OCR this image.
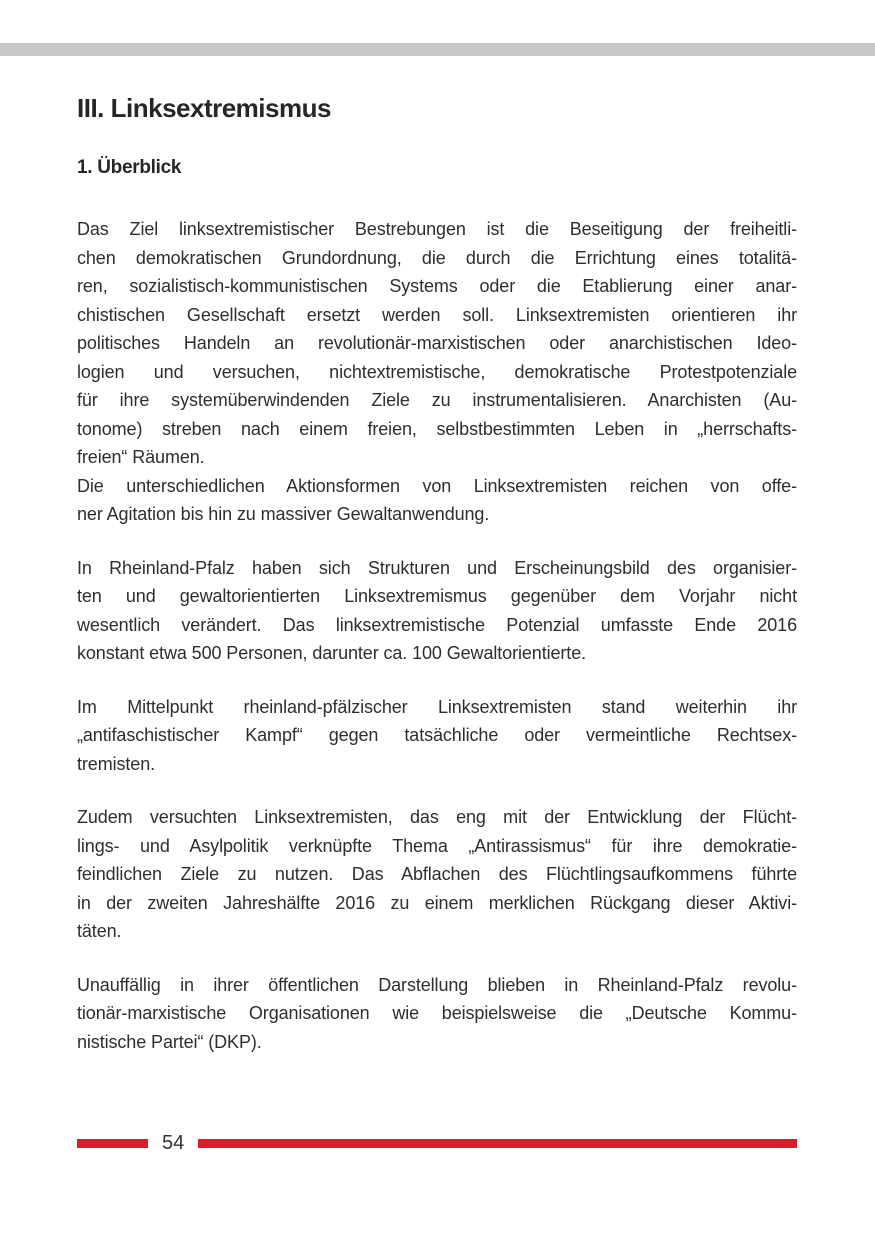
III. Linksextremismus
1. Überblick
Das Ziel linksextremistischer Bestrebungen ist die Beseitigung der freiheitli-
chen demokratischen Grundordnung, die durch die Errichtung eines totalitä-
ren, sozialistisch-kommunistischen Systems oder die Etablierung einer anar-
chistischen Gesellschaft ersetzt werden soll. Linksextremisten orientieren ihr
politisches Handeln an revolutionär-marxistischen oder anarchistischen Ideo-
logien und versuchen, nichtextremistische, demokratische Protestpotenziale
für ihre systemüberwindenden Ziele zu instrumentalisieren. Anarchisten (Au-
tonome) streben nach einem freien, selbstbestimmten Leben in „herrschafts-
freien“ Räumen.
Die unterschiedlichen Aktionsformen von Linksextremisten reichen von offe-
ner Agitation bis hin zu massiver Gewaltanwendung.
In Rheinland-Pfalz haben sich Strukturen und Erscheinungsbild des organisier-
ten und gewaltorientierten Linksextremismus gegenüber dem Vorjahr nicht
wesentlich verändert. Das linksextremistische Potenzial umfasste Ende 2016
konstant etwa 500 Personen, darunter ca. 100 Gewaltorientierte.
Im Mittelpunkt rheinland-pfälzischer Linksextremisten stand weiterhin ihr
„antifaschistischer Kampf“ gegen tatsächliche oder vermeintliche Rechtsex-
tremisten.
Zudem versuchten Linksextremisten, das eng mit der Entwicklung der Flücht-
lings- und Asylpolitik verknüpfte Thema „Antirassismus“ für ihre demokratie-
feindlichen Ziele zu nutzen. Das Abflachen des Flüchtlingsaufkommens führte
in der zweiten Jahreshälfte 2016 zu einem merklichen Rückgang dieser Aktivi-
täten.
Unauffällig in ihrer öffentlichen Darstellung blieben in Rheinland-Pfalz revolu-
tionär-marxistische Organisationen wie beispielsweise die „Deutsche Kommu-
nistische Partei“ (DKP).
54
